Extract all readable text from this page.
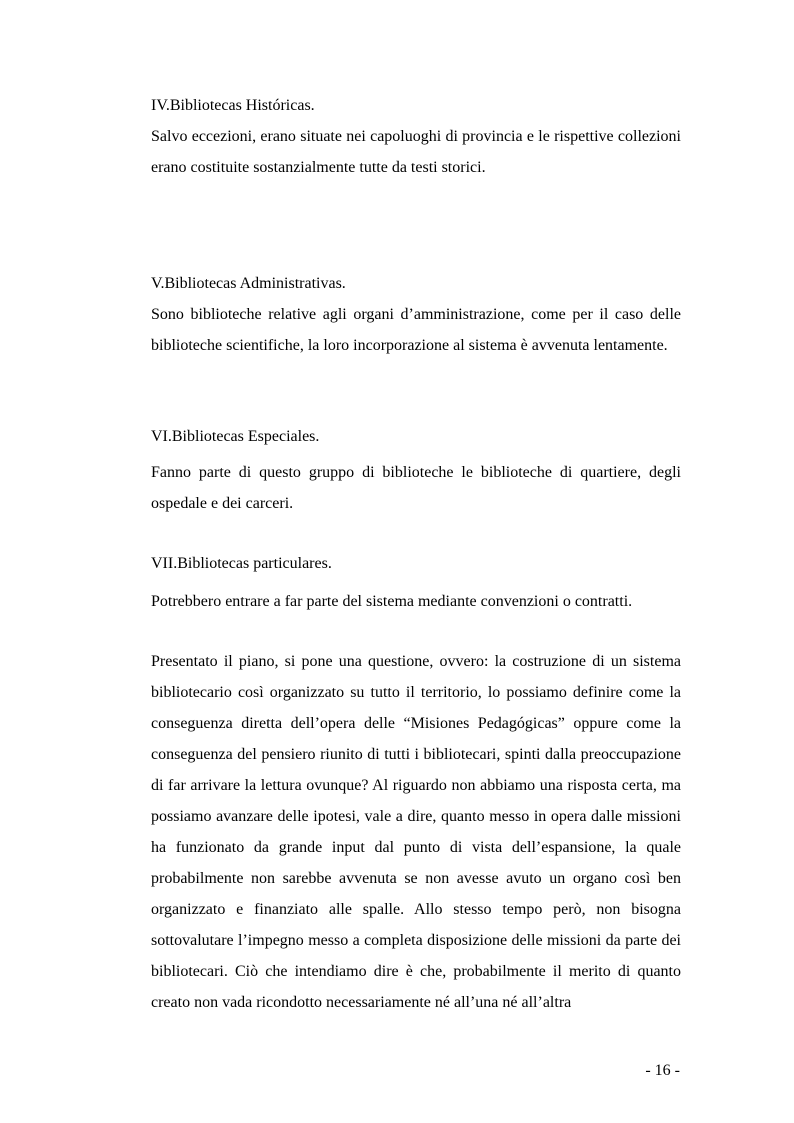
IV.Bibliotecas Históricas.

Salvo eccezioni, erano situate nei capoluoghi di provincia e le rispettive collezioni erano costituite sostanzialmente tutte da testi storici.

V.Bibliotecas Administrativas.

Sono biblioteche relative agli organi d’amministrazione, come per il caso delle biblioteche scientifiche, la loro incorporazione al sistema è avvenuta lentamente.

VI.Bibliotecas Especiales.

Fanno parte di questo gruppo di biblioteche le biblioteche di quartiere, degli ospedale e dei carceri.

VII.Bibliotecas particulares.

Potrebbero entrare a far parte del sistema mediante convenzioni o contratti.

Presentato il piano, si pone una questione, ovvero: la costruzione di un sistema bibliotecario così organizzato su tutto il territorio, lo possiamo definire come la conseguenza diretta dell’opera delle “Misiones Pedagógicas” oppure come la conseguenza del pensiero riunito di tutti i bibliotecari, spinti dalla preoccupazione di far arrivare la lettura ovunque? Al riguardo non abbiamo una risposta certa, ma possiamo avanzare delle ipotesi, vale a dire, quanto messo in opera dalle missioni ha funzionato da grande input dal punto di vista dell’espansione, la quale probabilmente non sarebbe avvenuta se non avesse avuto un organo così ben organizzato e finanziato alle spalle. Allo stesso tempo però, non bisogna sottovalutare l’impegno messo a completa disposizione delle missioni da parte dei bibliotecari. Ciò che intendiamo dire è che, probabilmente il merito di quanto creato non vada ricondotto necessariamente né all’una né all’altra

- 16 -
